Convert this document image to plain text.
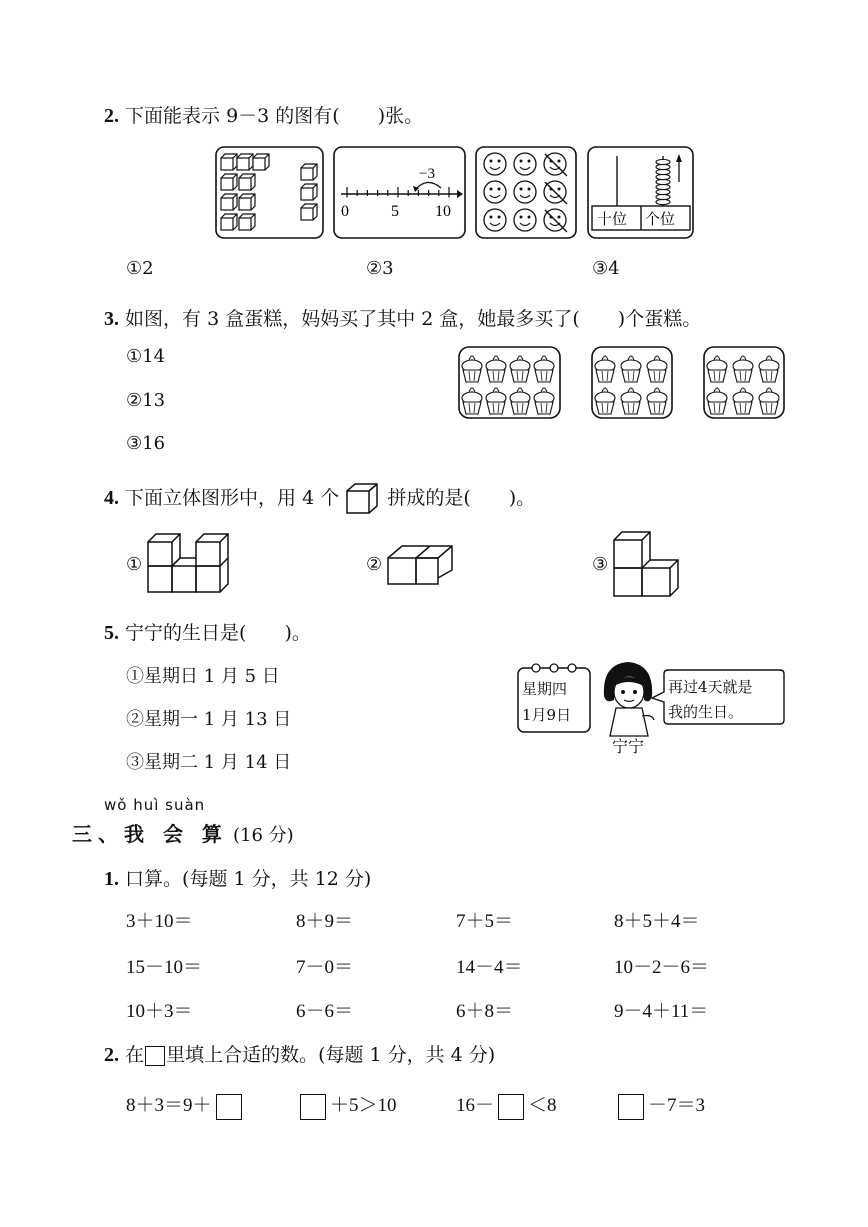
2. 下面能表示 9－3 的图有(　　)张。
−3
0	5 10	十位 个位
①2	②3	③4
3. 如图，有 3 盒蛋糕，妈妈买了其中 2 盒，她最多买了(　　)个蛋糕。
①14
②13
③16
4. 下面立体图形中，用 4 个	拼成的是(　　)。
①	②	③
5. 宁宁的生日是(　　)。
①星期日 1 月 5 日
②星期一 1 月 13 日
③星期二 1 月 14 日
星期四
1月9日
宁宁
再过4天就是
我的生日。
wǒ huì suàn
三、我 会 算 (16 分)
1. 口算。(每题 1 分，共 12 分)
3＋10＝	8＋9＝	7＋5＝	8＋5＋4＝
15－10＝	7－0＝	14－4＝	10－2－6＝
10＋3＝	6－6＝	6＋8＝	9－4＋11＝
2. 在 里填上合适的数。(每题 1 分，共 4 分)
8＋3＝9＋	＋5＞10	16－ ＜8	－7＝3
